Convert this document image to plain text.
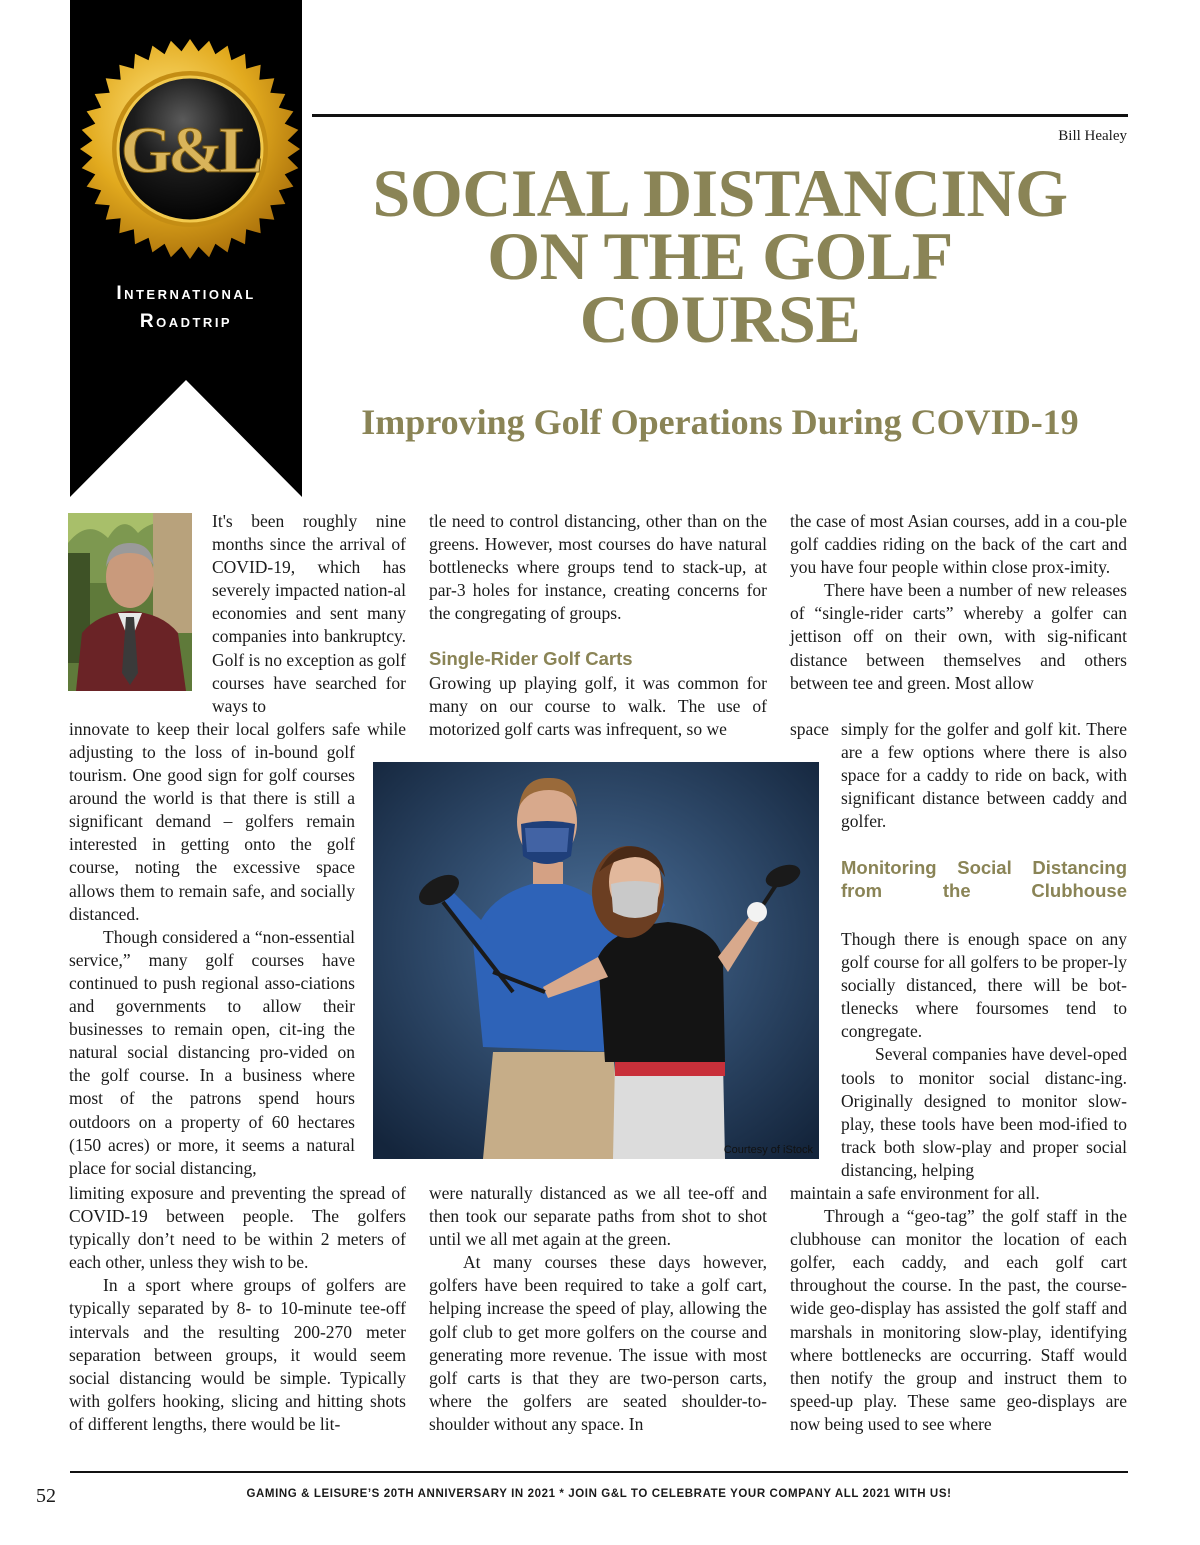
G&L
International
Roadtrip
Bill Healey
SOCIAL DISTANCING
ON THE GOLF
COURSE
Improving Golf Operations During COVID-19

It's been roughly nine months since the arrival of COVID-19, which has severely impacted nation-al economies and sent many companies into bankruptcy. Golf is no exception as golf courses have searched for ways to

innovate to keep their local golfers safe while

adjusting to the loss of in-bound golf tourism. One good sign for golf courses around the world is that there is still a significant demand – golfers remain interested in getting onto the golf course, noting the excessive space allows them to remain safe, and socially distanced.

Though considered a “non-essential service,” many golf courses have continued to push regional asso-ciations and governments to allow their businesses to remain open, cit-ing the natural social distancing pro-vided on the golf course. In a business where most of the patrons spend hours outdoors on a property of 60 hectares (150 acres) or more, it seems a natural place for social distancing,

limiting exposure and preventing the spread of COVID-19 between people. The golfers typically don’t need to be within 2 meters of each other, unless they wish to be.

In a sport where groups of golfers are typically separated by 8- to 10-minute tee-off intervals and the resulting 200-270 meter separation between groups, it would seem social distancing would be simple. Typically with golfers hooking, slicing and hitting shots of different lengths, there would be lit-

tle need to control distancing, other than on the greens. However, most courses do have natural bottlenecks where groups tend to stack-up, at par-3 holes for instance, creating concerns for the congregating of groups.

Single-Rider Golf Carts

Growing up playing golf, it was common for many on our course to walk. The use of motorized golf carts was infrequent, so we

were naturally distanced as we all tee-off and then took our separate paths from shot to shot until we all met again at the green.

At many courses these days however, golfers have been required to take a golf cart, helping increase the speed of play, allowing the golf club to get more golfers on the course and generating more revenue. The issue with most golf carts is that they are two-person carts, where the golfers are seated shoulder-to-shoulder without any space. In

the case of most Asian courses, add in a cou-ple golf caddies riding on the back of the cart and you have four people within close prox-imity.

There have been a number of new releases of “single-rider carts” whereby a golfer can jettison off on their own, with sig-nificant distance between themselves and others between tee and green. Most allow

space simply for the golfer and golf kit. There are a few options where there is also space for a caddy to ride on back, with significant distance between caddy and golfer.

Monitoring Social Distancing from the Clubhouse

Though there is enough space on any golf course for all golfers to be proper-ly socially distanced, there will be bot-tlenecks where foursomes tend to congregate.

Several companies have devel-oped tools to monitor social distanc-ing. Originally designed to monitor slow-play, these tools have been mod-ified to track both slow-play and proper social distancing, helping

maintain a safe environment for all.

Through a “geo-tag” the golf staff in the clubhouse can monitor the location of each golfer, each caddy, and each golf cart throughout the course. In the past, the course-wide geo-display has assisted the golf staff and marshals in monitoring slow-play, identifying where bottlenecks are occurring. Staff would then notify the group and instruct them to speed-up play. These same geo-displays are now being used to see where

Courtesy of iStock
52	GAMING & LEISURE’S 20TH ANNIVERSARY IN 2021 * JOIN G&L TO CELEBRATE YOUR COMPANY ALL 2021 WITH US!
